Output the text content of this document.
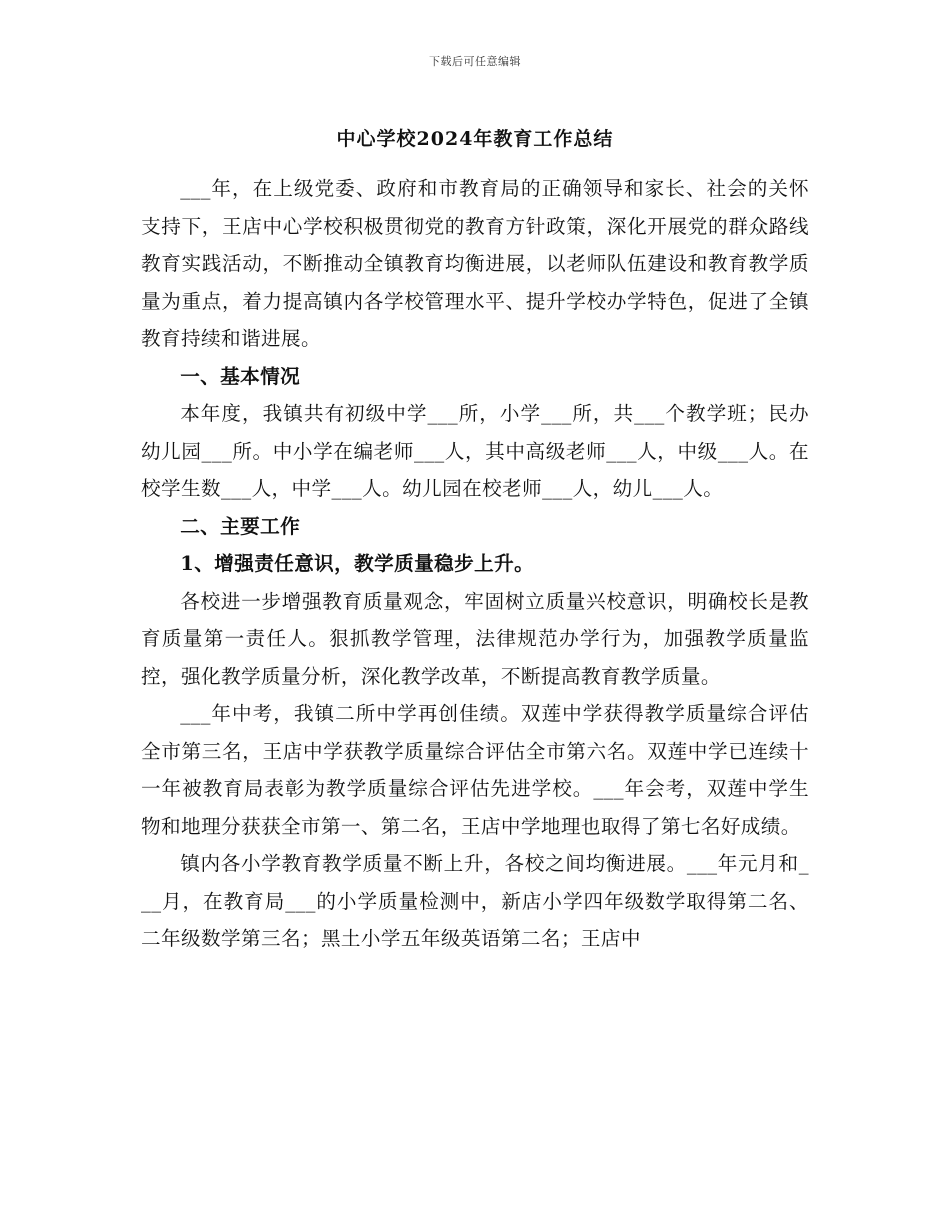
下载后可任意编辑
中心学校2024年教育工作总结

___年，在上级党委、政府和市教育局的正确领导和家长、社会的关怀支持下，王店中心学校积极贯彻党的教育方针政策，深化开展党的群众路线教育实践活动，不断推动全镇教育均衡进展，以老师队伍建设和教育教学质量为重点，着力提高镇内各学校管理水平、提升学校办学特色，促进了全镇教育持续和谐进展。

一、基本情况

本年度，我镇共有初级中学___所，小学___所，共___个教学班；民办幼儿园___所。中小学在编老师___人，其中高级老师___人，中级___人。在校学生数___人，中学___人。幼儿园在校老师___人，幼儿___人。

二、主要工作

1、增强责任意识，教学质量稳步上升。

各校进一步增强教育质量观念，牢固树立质量兴校意识，明确校长是教育质量第一责任人。狠抓教学管理，法律规范办学行为，加强教学质量监控，强化教学质量分析，深化教学改革，不断提高教育教学质量。

___年中考，我镇二所中学再创佳绩。双莲中学获得教学质量综合评估全市第三名，王店中学获教学质量综合评估全市第六名。双莲中学已连续十一年被教育局表彰为教学质量综合评估先进学校。___年会考，双莲中学生物和地理分获获全市第一、第二名，王店中学地理也取得了第七名好成绩。

镇内各小学教育教学质量不断上升，各校之间均衡进展。___年元月和___月，在教育局___的小学质量检测中，新店小学四年级数学取得第二名、二年级数学第三名；黑土小学五年级英语第二名；王店中
